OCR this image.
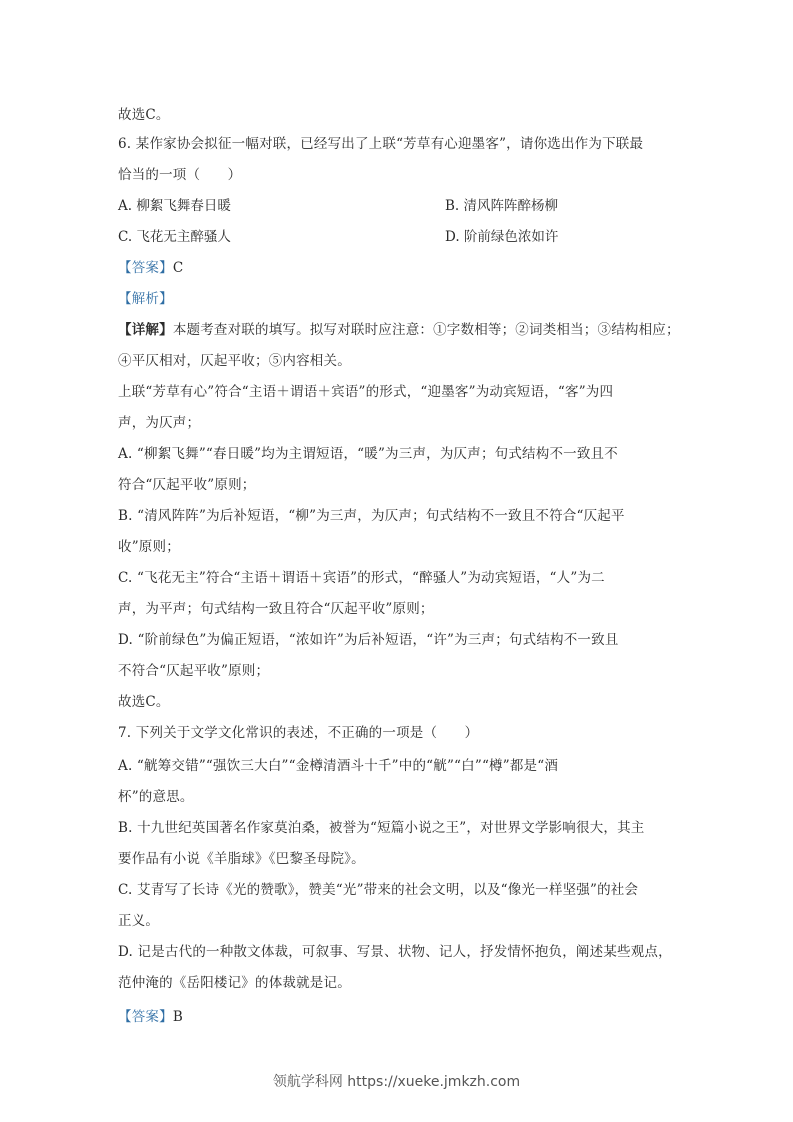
故选C。
6. 某作家协会拟征一幅对联，已经写出了上联“芳草有心迎墨客”，请你选出作为下联最
恰当的一项（　　）
A. 柳絮飞舞春日暖	B. 清风阵阵醉杨柳
C. 飞花无主醉骚人	D. 阶前绿色浓如许
【答案】C
【解析】
【详解】本题考查对联的填写。拟写对联时应注意：①字数相等；②词类相当；③结构相应；
④平仄相对，仄起平收；⑤内容相关。
上联“芳草有心”符合“主语＋谓语＋宾语”的形式，“迎墨客”为动宾短语，“客”为四
声，为仄声；
A. “柳絮飞舞”“春日暖”均为主谓短语，“暖”为三声，为仄声；句式结构不一致且不
符合“仄起平收”原则；
B. “清风阵阵”为后补短语，“柳”为三声，为仄声；句式结构不一致且不符合“仄起平
收”原则；
C. “飞花无主”符合“主语＋谓语＋宾语”的形式，“醉骚人”为动宾短语，“人”为二
声，为平声；句式结构一致且符合“仄起平收”原则；
D. “阶前绿色”为偏正短语，“浓如许”为后补短语，“许”为三声；句式结构不一致且
不符合“仄起平收”原则；
故选C。
7. 下列关于文学文化常识的表述，不正确的一项是（　　）
A. “觥筹交错”“强饮三大白”“金樽清酒斗十千”中的“觥”“白”“樽”都是“酒
杯”的意思。
B. 十九世纪英国著名作家莫泊桑，被誉为“短篇小说之王”，对世界文学影响很大，其主
要作品有小说《羊脂球》《巴黎圣母院》。
C. 艾青写了长诗《光的赞歌》，赞美“光”带来的社会文明，以及“像光一样坚强”的社会
正义。
D. 记是古代的一种散文体裁，可叙事、写景、状物、记人，抒发情怀抱负，阐述某些观点，
范仲淹的《岳阳楼记》的体裁就是记。
【答案】B
领航学科网 https://xueke.jmkzh.com
